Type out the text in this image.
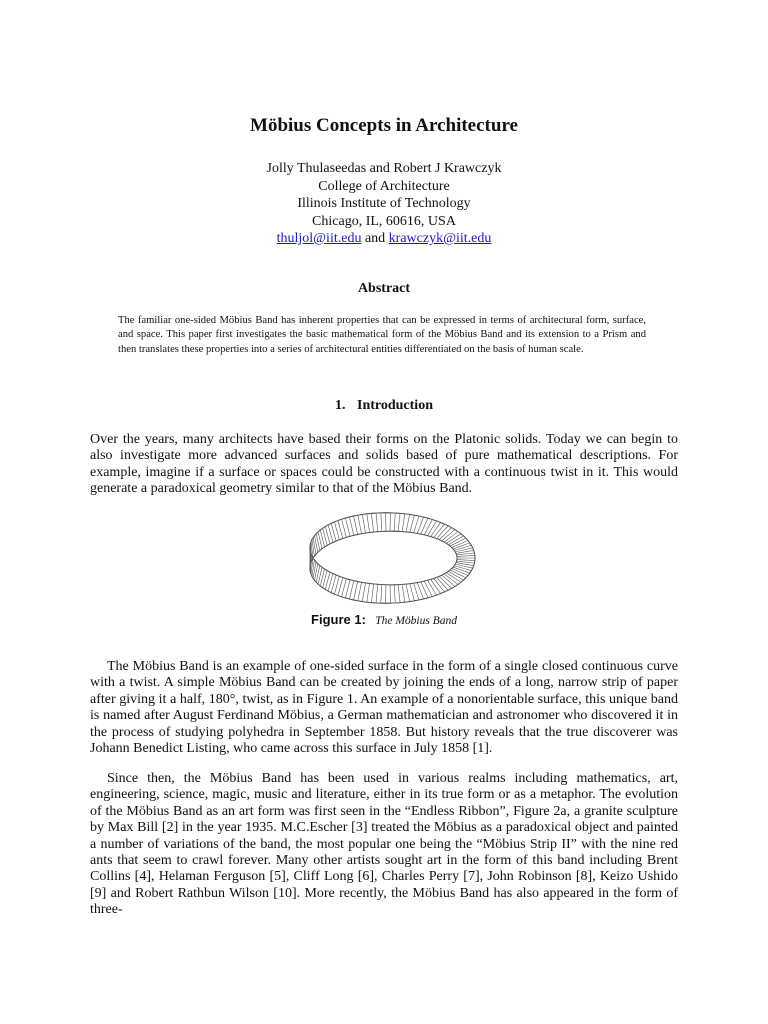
Möbius Concepts in Architecture
Jolly Thulaseedas and Robert J Krawczyk
College of Architecture
Illinois Institute of Technology
Chicago, IL, 60616, USA
thuljol@iit.edu and krawczyk@iit.edu
Abstract
The familiar one-sided Möbius Band has inherent properties that can be expressed in terms of architectural form, surface, and space. This paper first investigates the basic mathematical form of the Möbius Band and its extension to a Prism and then translates these properties into a series of architectural entities differentiated on the basis of human scale.
1. Introduction
Over the years, many architects have based their forms on the Platonic solids. Today we can begin to also investigate more advanced surfaces and solids based of pure mathematical descriptions. For example, imagine if a surface or spaces could be constructed with a continuous twist in it. This would generate a paradoxical geometry similar to that of the Möbius Band.
Figure 1: The Möbius Band
The Möbius Band is an example of one-sided surface in the form of a single closed continuous curve with a twist. A simple Möbius Band can be created by joining the ends of a long, narrow strip of paper after giving it a half, 180°, twist, as in Figure 1. An example of a nonorientable surface, this unique band is named after August Ferdinand Möbius, a German mathematician and astronomer who discovered it in the process of studying polyhedra in September 1858. But history reveals that the true discoverer was Johann Benedict Listing, who came across this surface in July 1858 [1].
Since then, the Möbius Band has been used in various realms including mathematics, art, engineering, science, magic, music and literature, either in its true form or as a metaphor. The evolution of the Möbius Band as an art form was first seen in the “Endless Ribbon”, Figure 2a, a granite sculpture by Max Bill [2] in the year 1935. M.C.Escher [3] treated the Möbius as a paradoxical object and painted a number of variations of the band, the most popular one being the “Möbius Strip II” with the nine red ants that seem to crawl forever. Many other artists sought art in the form of this band including Brent Collins [4], Helaman Ferguson [5], Cliff Long [6], Charles Perry [7], John Robinson [8], Keizo Ushido [9] and Robert Rathbun Wilson [10]. More recently, the Möbius Band has also appeared in the form of three-
